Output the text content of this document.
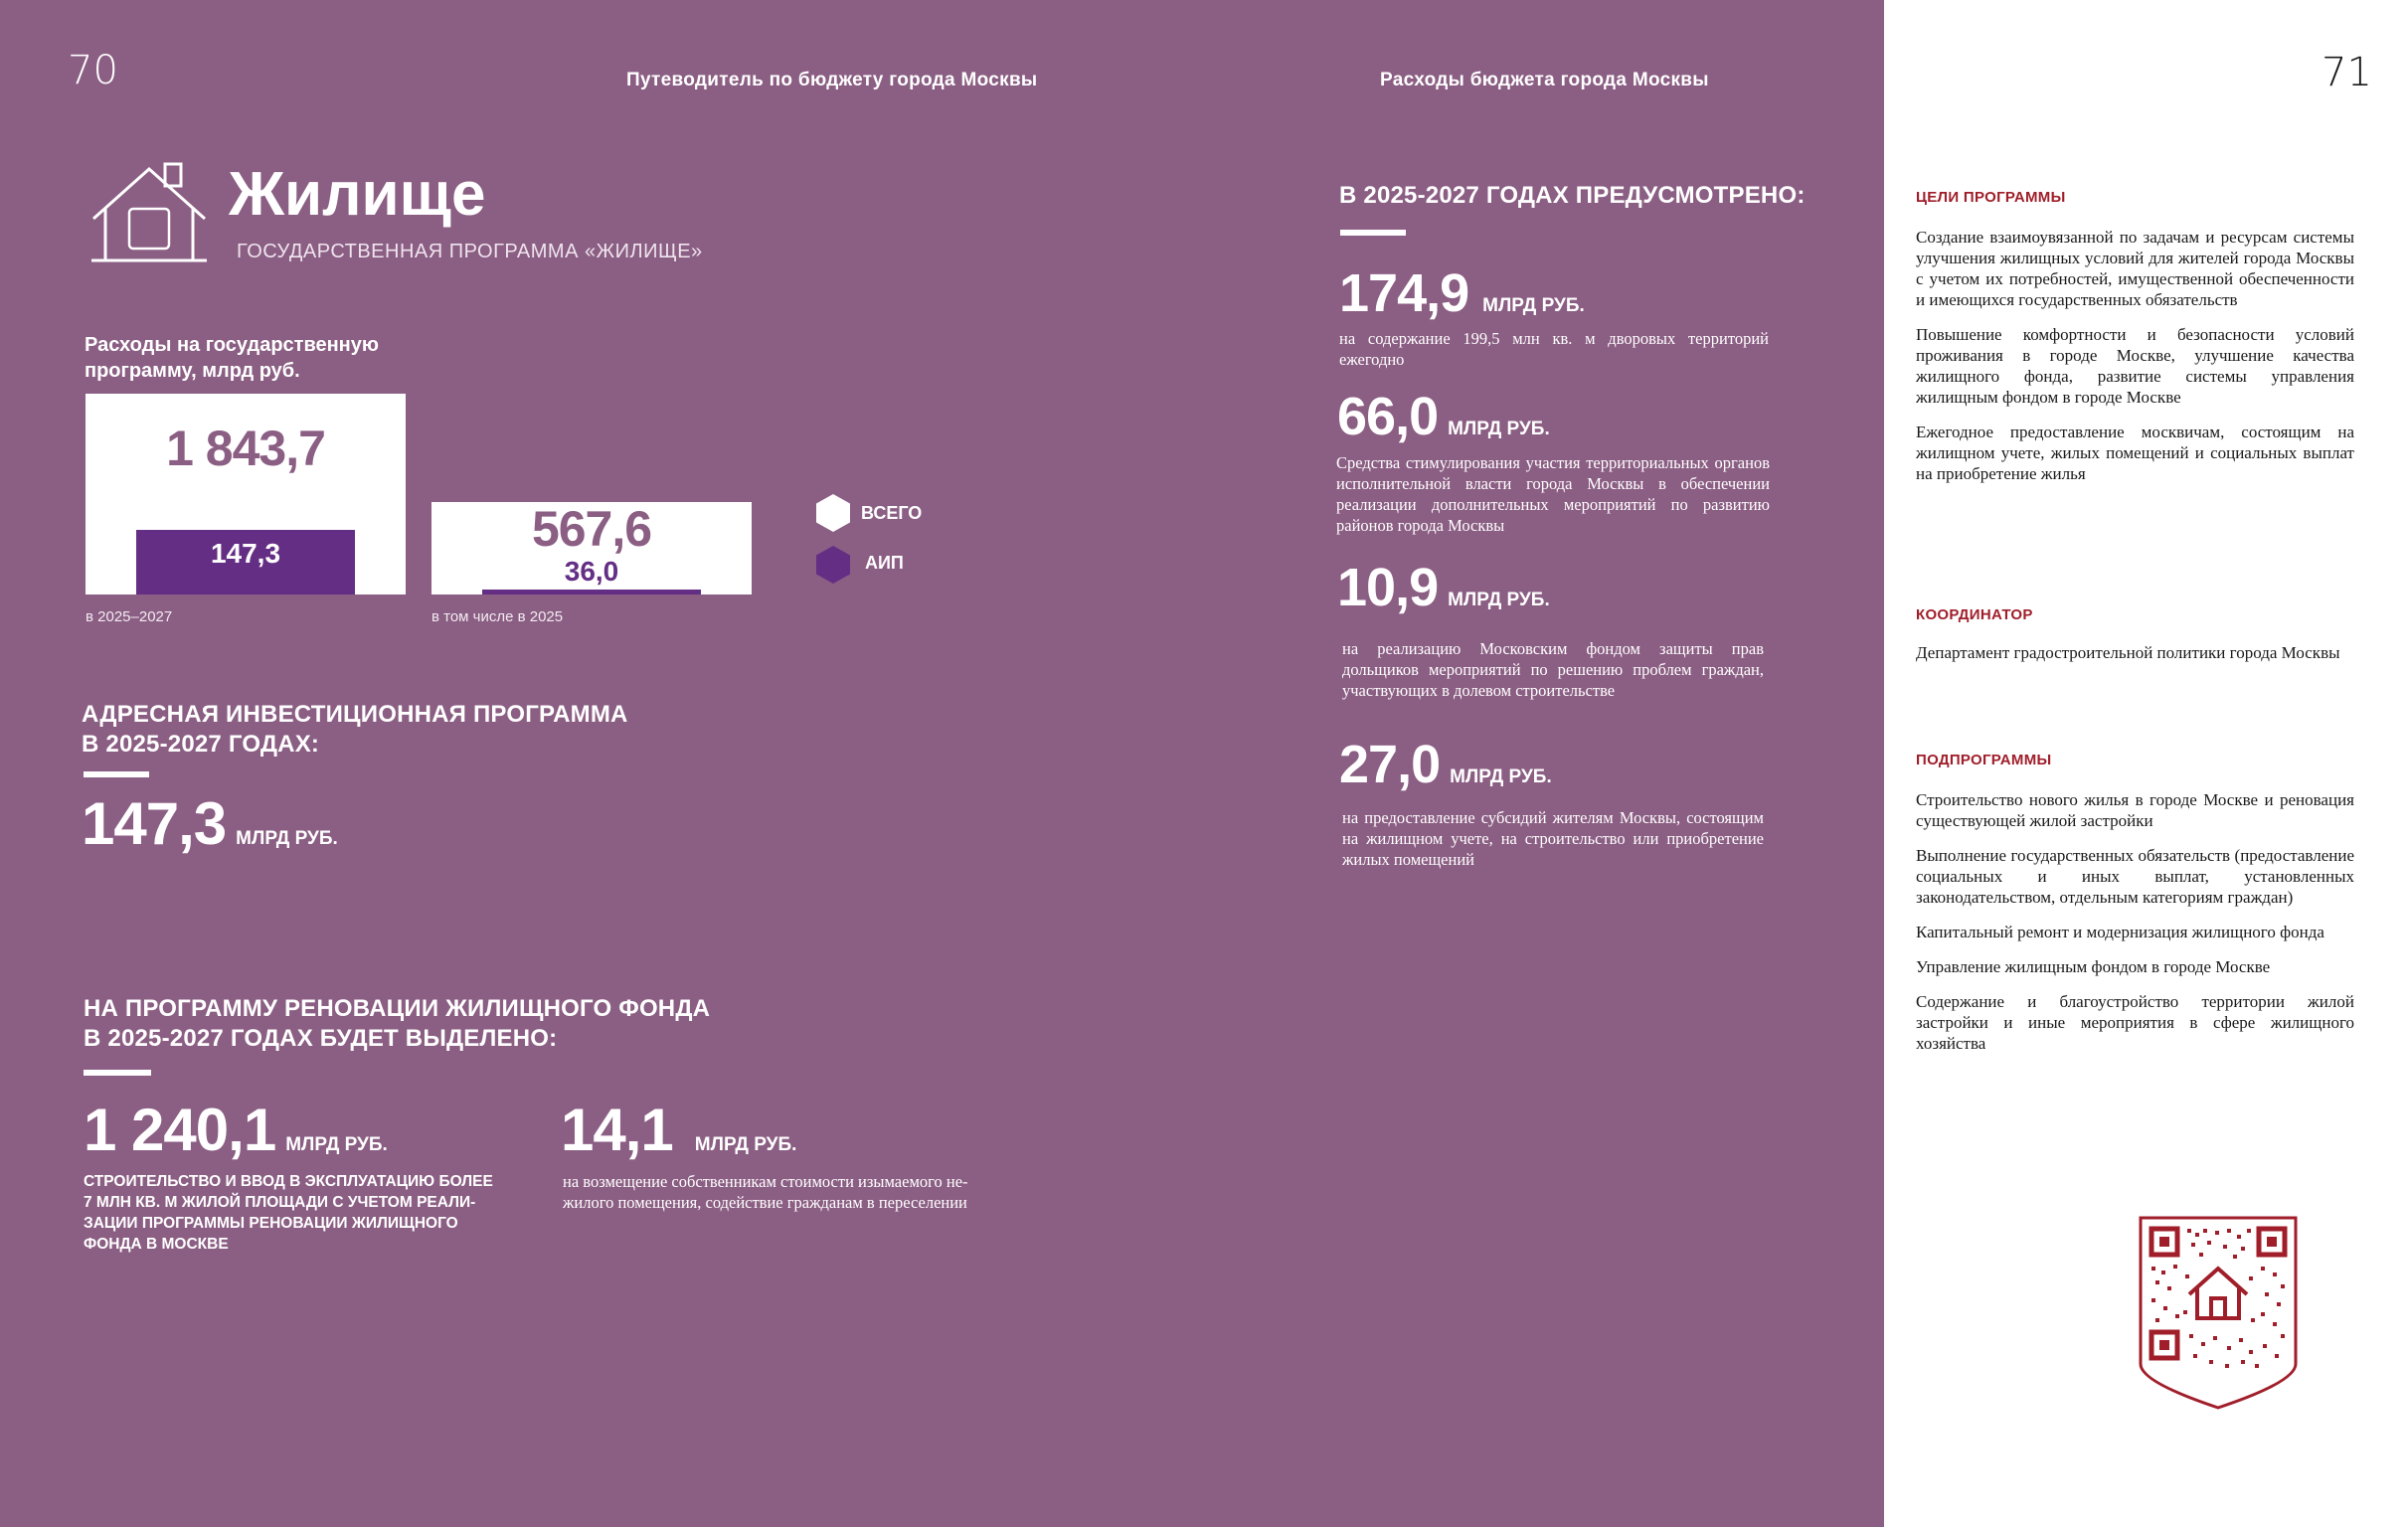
70	Путеводитель по бюджету города Москвы	Расходы бюджета города Москвы
Жилище
ГОСУДАРСТВЕННАЯ ПРОГРАММА «ЖИЛИЩЕ»
Расходы на государственную программу, млрд руб.
1 843,7
147,3	567,6
36,0
в 2025–2027	в том числе в 2025
ВСЕГО
АИП
АДРЕСНАЯ ИНВЕСТИЦИОННАЯ ПРОГРАММА
В 2025-2027 ГОДАХ:
147,3 МЛРД РУБ.
НА ПРОГРАММУ РЕНОВАЦИИ ЖИЛИЩНОГО ФОНДА
В 2025-2027 ГОДАХ БУДЕТ ВЫДЕЛЕНО:
1 240,1 МЛРД РУБ.
СТРОИТЕЛЬСТВО И ВВОД В ЭКСПЛУАТАЦИЮ БОЛЕЕ
7 МЛН КВ. М ЖИЛОЙ ПЛОЩАДИ С УЧЕТОМ РЕАЛИ-
ЗАЦИИ ПРОГРАММЫ РЕНОВАЦИИ ЖИЛИЩНОГО
ФОНДА В МОСКВЕ
14,1 МЛРД РУБ.
на возмещение собственникам стоимости изымаемого не-
жилого помещения, содействие гражданам в переселении
В 2025-2027 ГОДАХ ПРЕДУСМОТРЕНО:
174,9 МЛРД РУБ.
на содержание 199,5 млн кв. м дворовых территорий ежегодно
66,0 МЛРД РУБ.
Средства стимулирования участия территориальных органов исполнительной власти города Москвы в обеспечении реализации дополнительных мероприятий по развитию районов города Москвы
10,9 МЛРД РУБ.
на реализацию Московским фондом защиты прав дольщиков мероприятий по решению проблем граждан, участвующих в долевом строительстве
27,0 МЛРД РУБ.
на предоставление субсидий жителям Москвы, состоящим на жилищном учете, на строительство или приобретение жилых помещений
71
ЦЕЛИ ПРОГРАММЫ
Создание взаимоувязанной по задачам и ресурсам системы улучшения жилищных условий для жителей города Москвы с учетом их потребностей, имущественной обеспеченности и имеющихся государственных обязательств
Повышение комфортности и безопасности условий проживания в городе Москве, улучшение качества жилищного фонда, развитие системы управления жилищным фондом в городе Москве
Ежегодное предоставление москвичам, состоящим на жилищном учете, жилых помещений и социальных выплат на приобретение жилья
КООРДИНАТОР
Департамент градостроительной политики города Москвы
ПОДПРОГРАММЫ
Строительство нового жилья в городе Москве и реновация существующей жилой застройки
Выполнение государственных обязательств (предоставление социальных и иных выплат, установленных законодательством, отдельным категориям граждан)
Капитальный ремонт и модернизация жилищного фонда
Управление жилищным фондом в городе Москве
Содержание и благоустройство территории жилой застройки и иные мероприятия в сфере жилищного хозяйства
